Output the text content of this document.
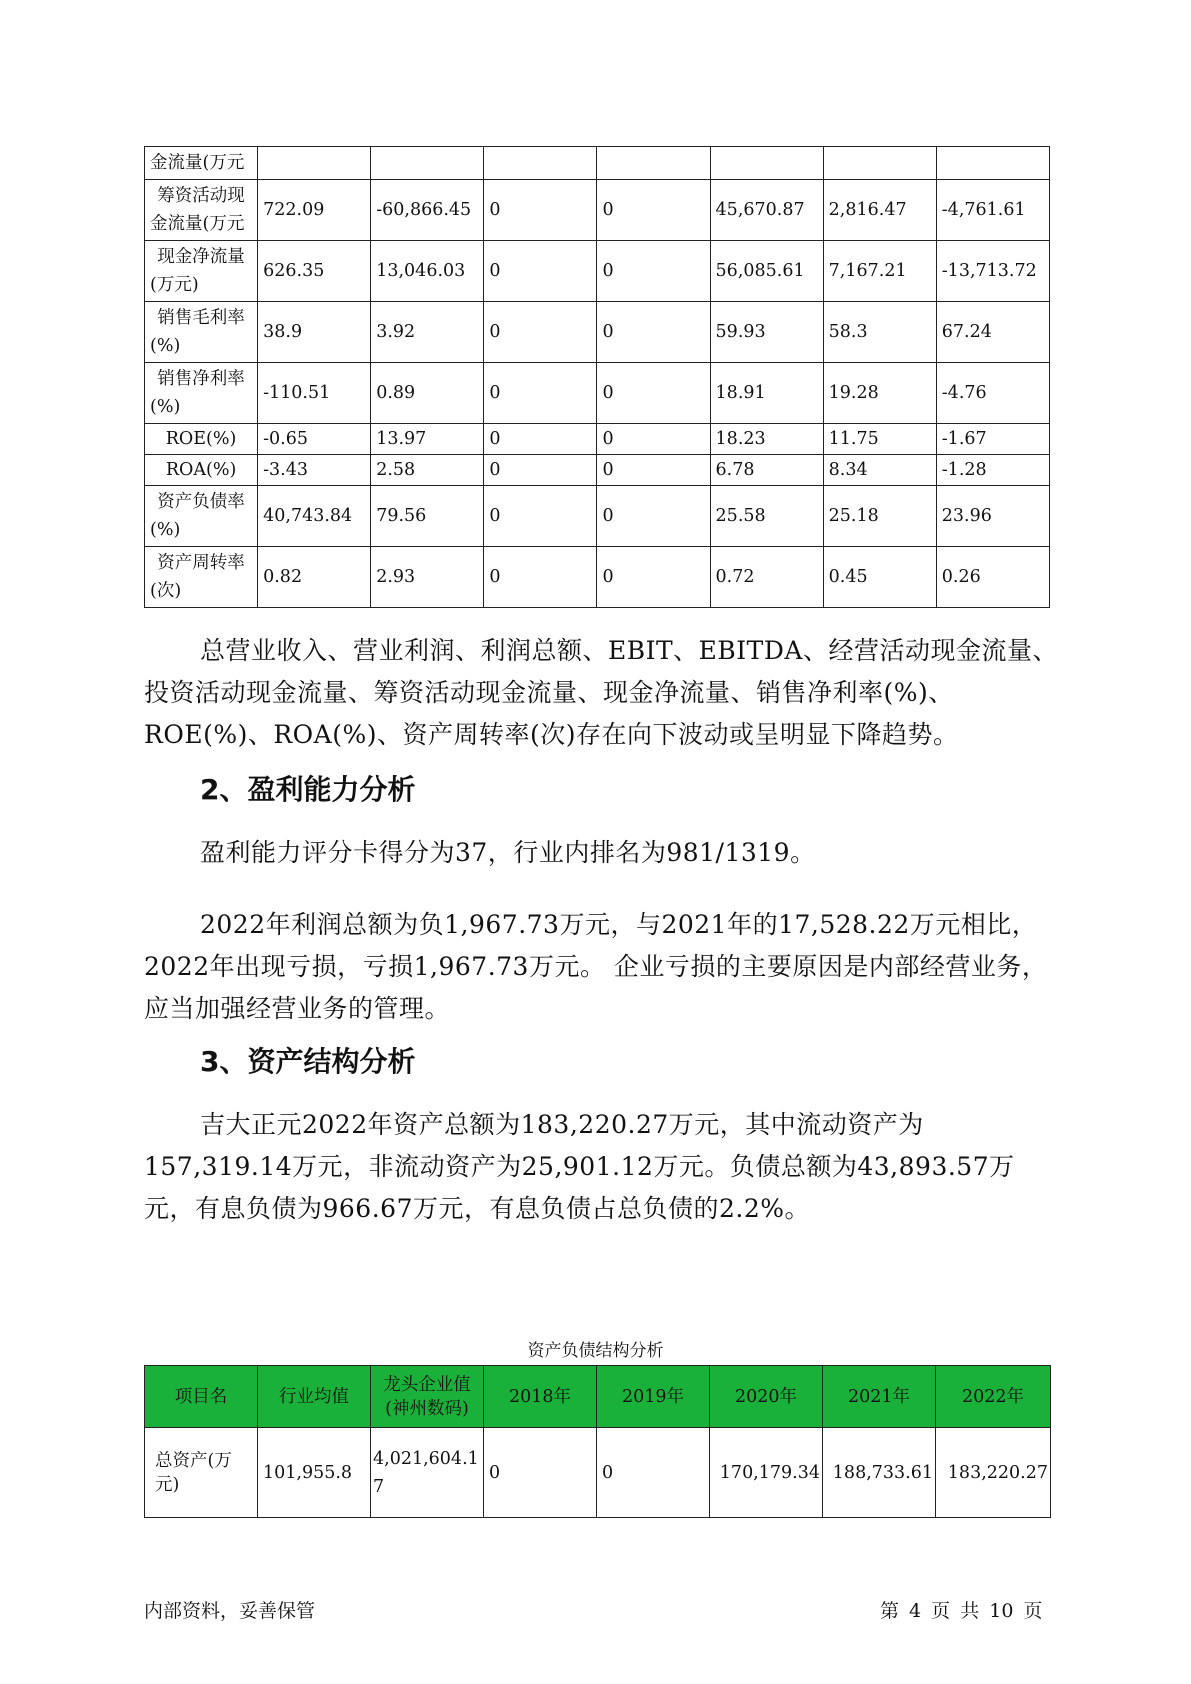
金流量(万元							

筹资活动现
金流量(万元	722.09	-60,866.45	0	0	45,670.87	2,816.47	-4,761.61

现金净流量
(万元)	626.35	13,046.03	0	0	56,085.61	7,167.21	-13,713.72

销售毛利率
(%)	38.9	3.92	0	0	59.93	58.3	67.24

销售净利率
(%)	-110.51	0.89	0	0	18.91	19.28	-4.76

ROE(%)	-0.65	13.97	0	0	18.23	11.75	-1.67

ROA(%)	-3.43	2.58	0	0	6.78	8.34	-1.28

资产负债率
(%)	40,743.84	79.56	0	0	25.58	25.18	23.96

资产周转率
(次)	0.82	2.93	0	0	0.72	0.45	0.26
总营业收入、营业利润、利润总额、EBIT、EBITDA、经营活动现金流量、投资活动现金流量、筹资活动现金流量、现金净流量、销售净利率(%)、ROE(%)、ROA(%)、资产周转率(次)存在向下波动或呈明显下降趋势。
2、盈利能力分析
盈利能力评分卡得分为37，行业内排名为981/1319。
2022年利润总额为负1,967.73万元，与2021年的17,528.22万元相比，2022年出现亏损，亏损1,967.73万元。 企业亏损的主要原因是内部经营业务，应当加强经营业务的管理。
3、资产结构分析
吉大正元2022年资产总额为183,220.27万元，其中流动资产为157,319.14万元，非流动资产为25,901.12万元。负债总额为43,893.57万元，有息负债为966.67万元，有息负债占总负债的2.2%。
资产负债结构分析
项目名	行业均值	龙头企业值(神州数码)	2018年	2019年	2020年	2021年	2022年
总资产(万元)	101,955.8	4,021,604.17	0	0	170,179.34	188,733.61	183,220.27
内部资料，妥善保管	第 4 页 共 10 页
